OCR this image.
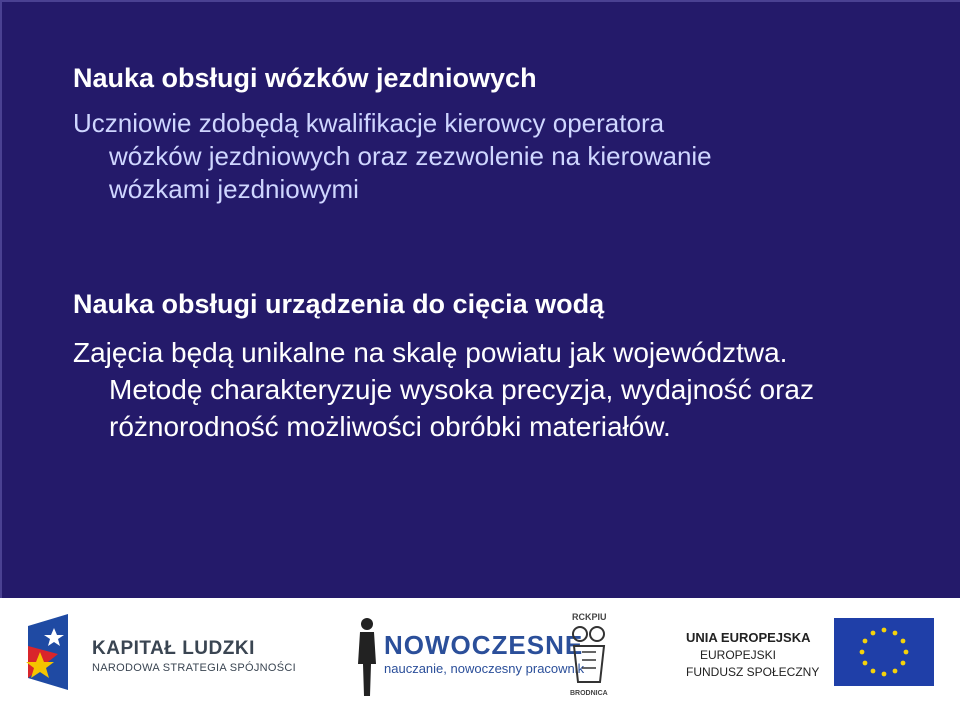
Nauka obsługi wózków jezdniowych
Uczniowie zdobędą kwalifikacje kierowcy operatora
wózków jezdniowych oraz zezwolenie na kierowanie
wózkami jezdniowymi
Nauka obsługi urządzenia do cięcia wodą
Zajęcia będą unikalne na skalę powiatu jak województwa.
Metodę charakteryzuje wysoka precyzja, wydajność oraz
różnorodność możliwości obróbki materiałów.
KAPITAŁ LUDZKI
NARODOWA STRATEGIA SPÓJNOŚCI
NOWOCZESNE
nauczanie, nowoczesny pracownik
RCKPIU
BRODNICA
UNIA EUROPEJSKA
EUROPEJSKI
FUNDUSZ SPOŁECZNY
